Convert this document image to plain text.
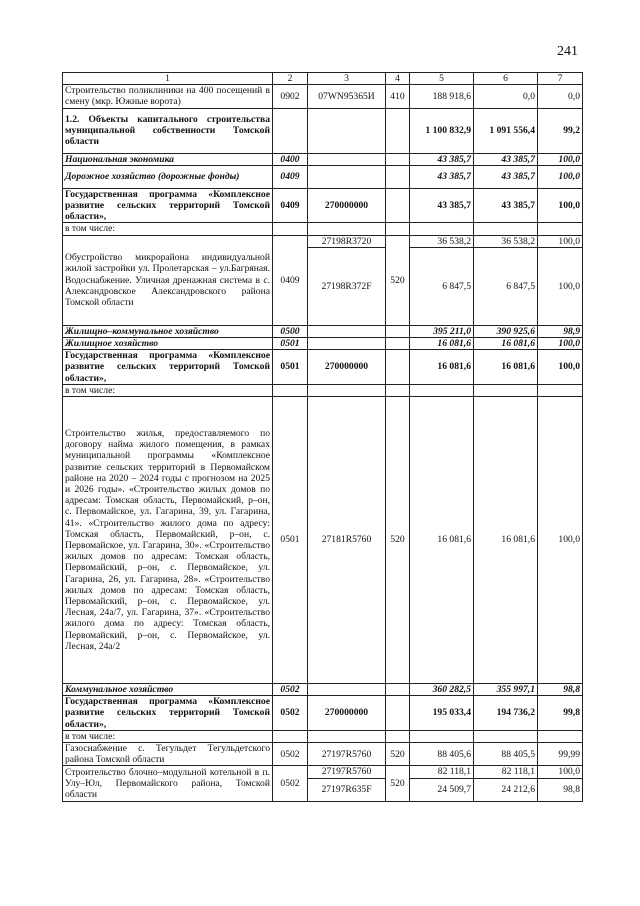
241
1	2	3	4	5	6	7
Строительство поликлиники на 400 посещений в смену (мкр. Южные ворота)	0902	07WN95365И	410	188 918,6	0,0	0,0
1.2. Объекты капитального строительства муниципальной собственности Томской области				1 100 832,9	1 091 556,4	99,2
Национальная экономика	0400			43 385,7	43 385,7	100,0
Дорожное хозяйство (дорожные фонды)	0409			43 385,7	43 385,7	100,0
Государственная программа «Комплексное развитие сельских территорий Томской области»,	0409	270000000		43 385,7	43 385,7	100,0
в том числе:						
Обустройство микрорайона индивидуальной жилой застройки ул. Пролетарская – ул.Багряная. Водоснабжение. Уличная дренажная система в с. Александровское Александровского района Томской области	0409	27198R3720	520	36 538,2	36 538,2	100,0
		27198R372F		6 847,5	6 847,5	100,0
Жилищно–коммунальное хозяйство	0500			395 211,0	390 925,6	98,9
Жилищное хозяйство	0501			16 081,6	16 081,6	100,0
Государственная программа «Комплексное развитие сельских территорий Томской области»,	0501	270000000		16 081,6	16 081,6	100,0
в том числе:						
Строительство жилья, предоставляемого по договору найма жилого помещения, в рамках муниципальной программы «Комплексное развитие сельских территорий в Первомайском районе на 2020 – 2024 годы с прогнозом на 2025 и 2026 годы». «Строительство жилых домов по адресам: Томская область, Первомайский, р–он, с. Первомайское, ул. Гагарина, 39, ул. Гагарина, 41». «Строительство жилого дома по адресу: Томская область, Первомайский, р–он, с. Первомайское, ул. Гагарина, 30». «Строительство жилых домов по адресам: Томская область, Первомайский, р–он, с. Первомайское, ул. Гагарина, 26, ул. Гагарина, 28». «Строительство жилых домов по адресам: Томская область, Первомайский, р–он, с. Первомайское, ул. Лесная, 24а/7, ул. Гагарина, 37». «Строительство жилого дома по адресу: Томская область, Первомайский, р–он, с. Первомайское, ул. Лесная, 24а/2	0501	27181R5760	520	16 081,6	16 081,6	100,0
Коммунальное хозяйство	0502			360 282,5	355 997,1	98,8
Государственная программа «Комплексное развитие сельских территорий Томской области»,	0502	270000000		195 033,4	194 736,2	99,8
в том числе:						
Газоснабжение с. Тегульдет Тегульдетского района Томской области	0502	27197R5760	520	88 405,6	88 405,5	99,99
Строительство блочно–модульной котельной в п. Улу–Юл, Первомайского района, Томской области	0502	27197R5760	520	82 118,1	82 118,1	100,0
		27197R635F		24 509,7	24 212,6	98,8
